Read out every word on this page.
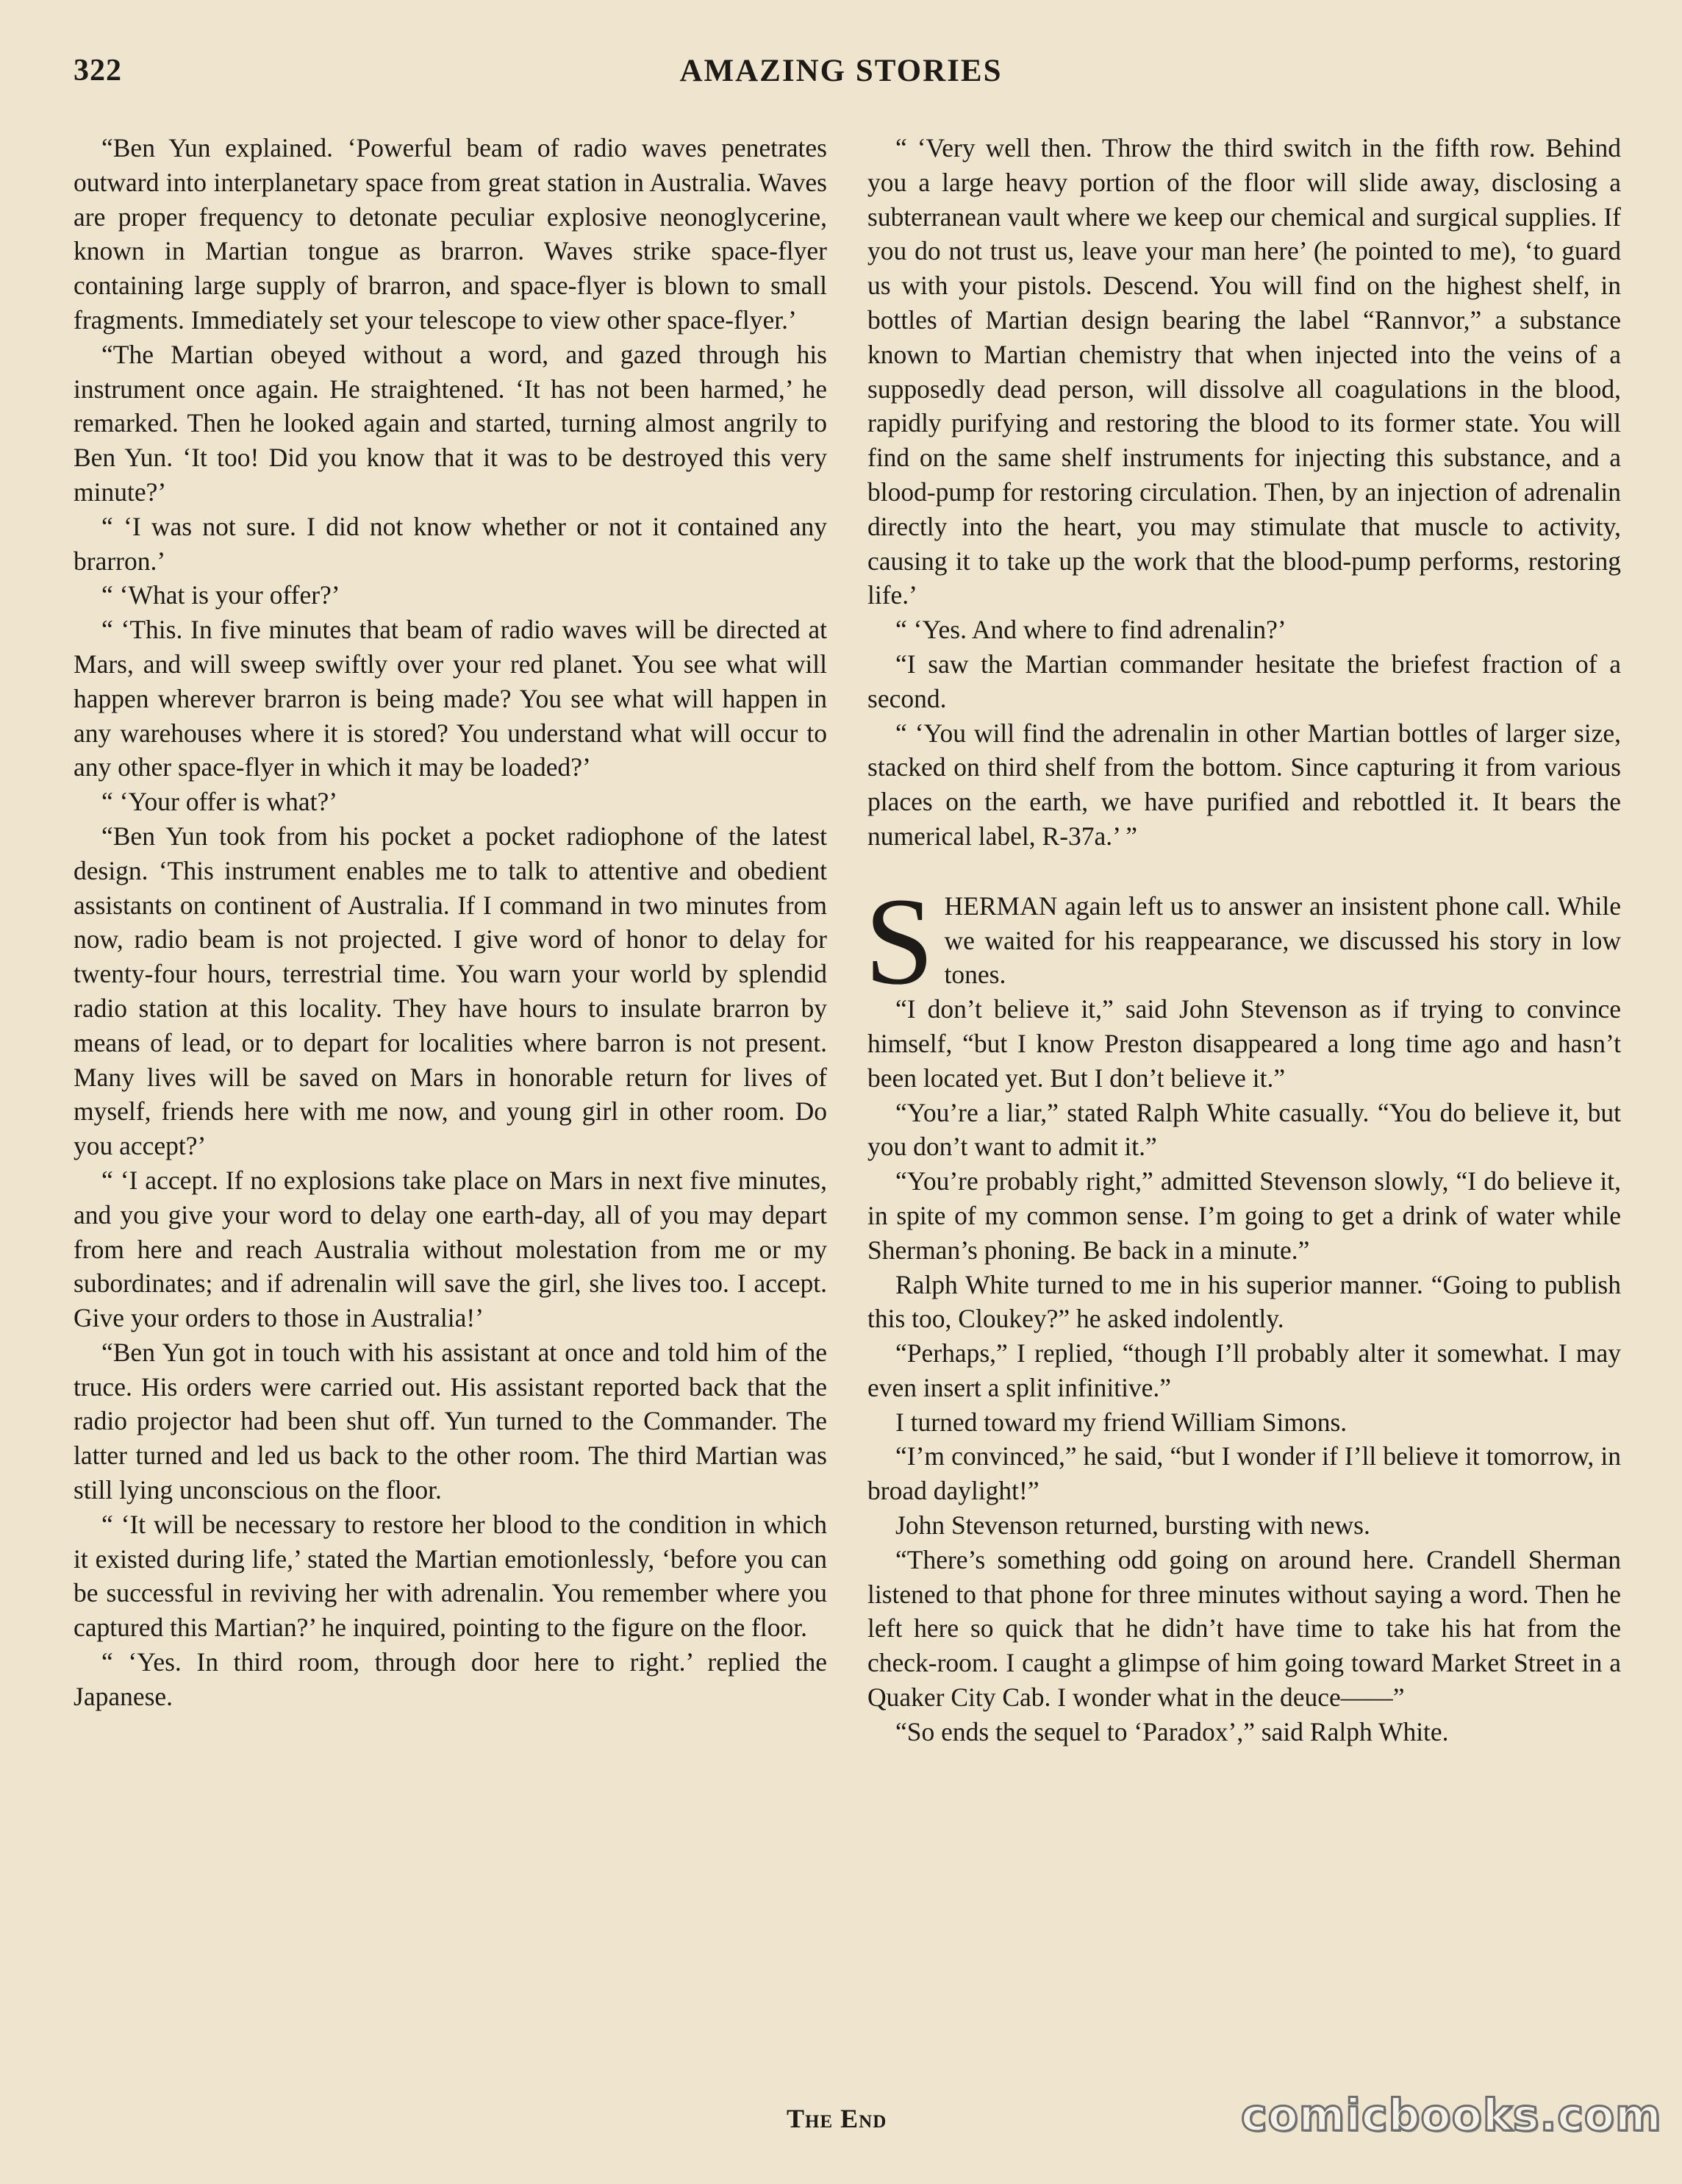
322	AMAZING STORIES

“Ben Yun explained. ‘Powerful beam of radio waves penetrates outward into interplanetary space from great station in Australia. Waves are proper frequency to detonate peculiar explosive neonoglycerine, known in Martian tongue as brarron. Waves strike space-flyer containing large supply of brarron, and space-flyer is blown to small fragments. Immediately set your telescope to view other space-flyer.’

“The Martian obeyed without a word, and gazed through his instrument once again. He straightened. ‘It has not been harmed,’ he remarked. Then he looked again and started, turning almost angrily to Ben Yun. ‘It too! Did you know that it was to be destroyed this very minute?’

“ ‘I was not sure. I did not know whether or not it contained any brarron.’

“ ‘What is your offer?’

“ ‘This. In five minutes that beam of radio waves will be directed at Mars, and will sweep swiftly over your red planet. You see what will happen wherever brarron is being made? You see what will happen in any warehouses where it is stored? You understand what will occur to any other space-flyer in which it may be loaded?’

“ ‘Your offer is what?’

“Ben Yun took from his pocket a pocket radiophone of the latest design. ‘This instrument enables me to talk to attentive and obedient assistants on continent of Australia. If I command in two minutes from now, radio beam is not projected. I give word of honor to delay for twenty-four hours, terrestrial time. You warn your world by splendid radio station at this locality. They have hours to insulate brarron by means of lead, or to depart for localities where barron is not present. Many lives will be saved on Mars in honorable return for lives of myself, friends here with me now, and young girl in other room. Do you accept?’

“ ‘I accept. If no explosions take place on Mars in next five minutes, and you give your word to delay one earth-day, all of you may depart from here and reach Australia without molestation from me or my subordinates; and if adrenalin will save the girl, she lives too. I accept. Give your orders to those in Australia!’

“Ben Yun got in touch with his assistant at once and told him of the truce. His orders were carried out. His assistant reported back that the radio projector had been shut off. Yun turned to the Commander. The latter turned and led us back to the other room. The third Martian was still lying unconscious on the floor.

“ ‘It will be necessary to restore her blood to the condition in which it existed during life,’ stated the Martian emotionlessly, ‘before you can be successful in reviving her with adrenalin. You remember where you captured this Martian?’ he inquired, pointing to the figure on the floor.

“ ‘Yes. In third room, through door here to right.’ replied the Japanese.

“ ‘Very well then. Throw the third switch in the fifth row. Behind you a large heavy portion of the floor will slide away, disclosing a subterranean vault where we keep our chemical and surgical supplies. If you do not trust us, leave your man here’ (he pointed to me), ‘to guard us with your pistols. Descend. You will find on the highest shelf, in bottles of Martian design bearing the label “Rannvor,” a substance known to Martian chemistry that when injected into the veins of a supposedly dead person, will dissolve all coagulations in the blood, rapidly purifying and restoring the blood to its former state. You will find on the same shelf instruments for injecting this substance, and a blood-pump for restoring circulation. Then, by an injection of adrenalin directly into the heart, you may stimulate that muscle to activity, causing it to take up the work that the blood-pump performs, restoring life.’

“ ‘Yes. And where to find adrenalin?’

“I saw the Martian commander hesitate the briefest fraction of a second.

“ ‘You will find the adrenalin in other Martian bottles of larger size, stacked on third shelf from the bottom. Since capturing it from various places on the earth, we have purified and rebottled it. It bears the numerical label, R-37a.’ ”

SHERMAN again left us to answer an insistent phone call. While we waited for his reappearance, we discussed his story in low tones.

“I don’t believe it,” said John Stevenson as if trying to convince himself, “but I know Preston disappeared a long time ago and hasn’t been located yet. But I don’t believe it.”

“You’re a liar,” stated Ralph White casually. “You do believe it, but you don’t want to admit it.”

“You’re probably right,” admitted Stevenson slowly, “I do believe it, in spite of my common sense. I’m going to get a drink of water while Sherman’s phoning. Be back in a minute.”

Ralph White turned to me in his superior manner. “Going to publish this too, Cloukey?” he asked indolently.

“Perhaps,” I replied, “though I’ll probably alter it somewhat. I may even insert a split infinitive.”

I turned toward my friend William Simons.

“I’m convinced,” he said, “but I wonder if I’ll believe it tomorrow, in broad daylight!”

John Stevenson returned, bursting with news.

“There’s something odd going on around here. Crandell Sherman listened to that phone for three minutes without saying a word. Then he left here so quick that he didn’t have time to take his hat from the check-room. I caught a glimpse of him going toward Market Street in a Quaker City Cab. I wonder what in the deuce——”

“So ends the sequel to ‘Paradox’,” said Ralph White.

The End	comicbooks.com
